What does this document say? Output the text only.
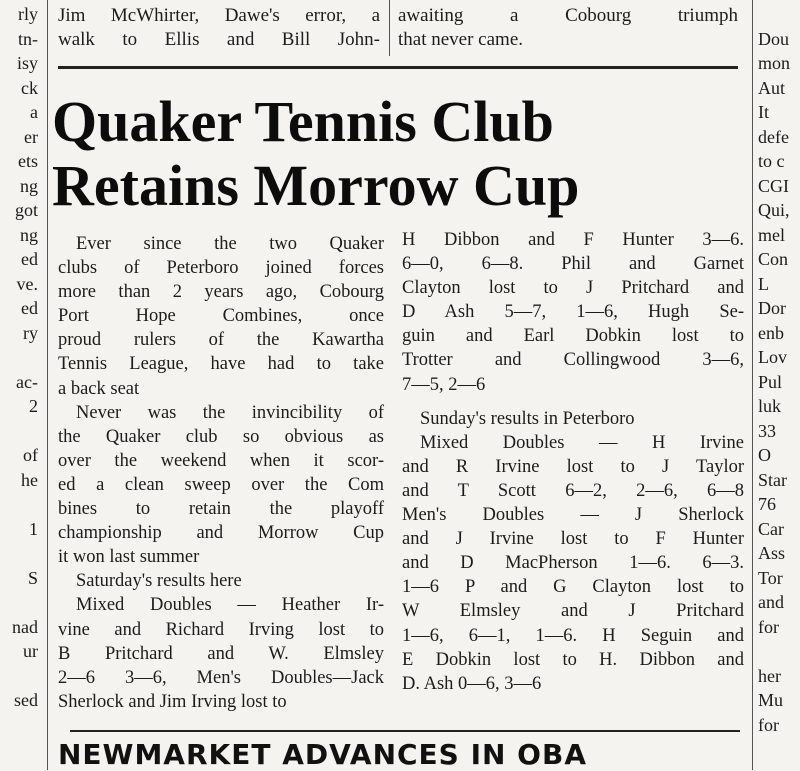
rly
tn-
isy
ck
a
er
ets
ng
got
ng
ed
ve.
ed
ry
ac-
2
of
he
1
S
nad
ur
sed
Dou
mon
Aut
It
defe
to c
CGI
Qui,
mel
Con
L
Dor
enb
Lov
Pul
luk
33
O
Star
76
Car
Ass
Tor
and
for
her
Mu
for
Jim McWhirter, Dawe's error, a
walk to Ellis and Bill John-
awaiting a Cobourg triumph
that never came.
Quaker Tennis Club
Retains Morrow Cup
Ever since the two Quaker
clubs of Peterboro joined forces
more than 2 years ago, Cobourg
Port Hope Combines, once
proud rulers of the Kawartha
Tennis League, have had to take
a back seat
Never was the invincibility of
the Quaker club so obvious as
over the weekend when it scor-
ed a clean sweep over the Com
bines to retain the playoff
championship and Morrow Cup
it won last summer
Saturday's results here
Mixed Doubles — Heather Ir-
vine and Richard Irving lost to
B Pritchard and W. Elmsley
2—6 3—6, Men's Doubles—Jack
Sherlock and Jim Irving lost to
H Dibbon and F Hunter 3—6.
6—0, 6—8. Phil and Garnet
Clayton lost to J Pritchard and
D Ash 5—7, 1—6, Hugh Se-
guin and Earl Dobkin lost to
Trotter and Collingwood 3—6,
7—5, 2—6
Sunday's results in Peterboro
Mixed Doubles — H Irvine
and R Irvine lost to J Taylor
and T Scott 6—2, 2—6, 6—8
Men's Doubles — J Sherlock
and J Irvine lost to F Hunter
and D MacPherson 1—6. 6—3.
1—6 P and G Clayton lost to
W Elmsley and J Pritchard
1—6, 6—1, 1—6. H Seguin and
E Dobkin lost to H. Dibbon and
D. Ash 0—6, 3—6
NEWMARKET ADVANCES IN OBA
